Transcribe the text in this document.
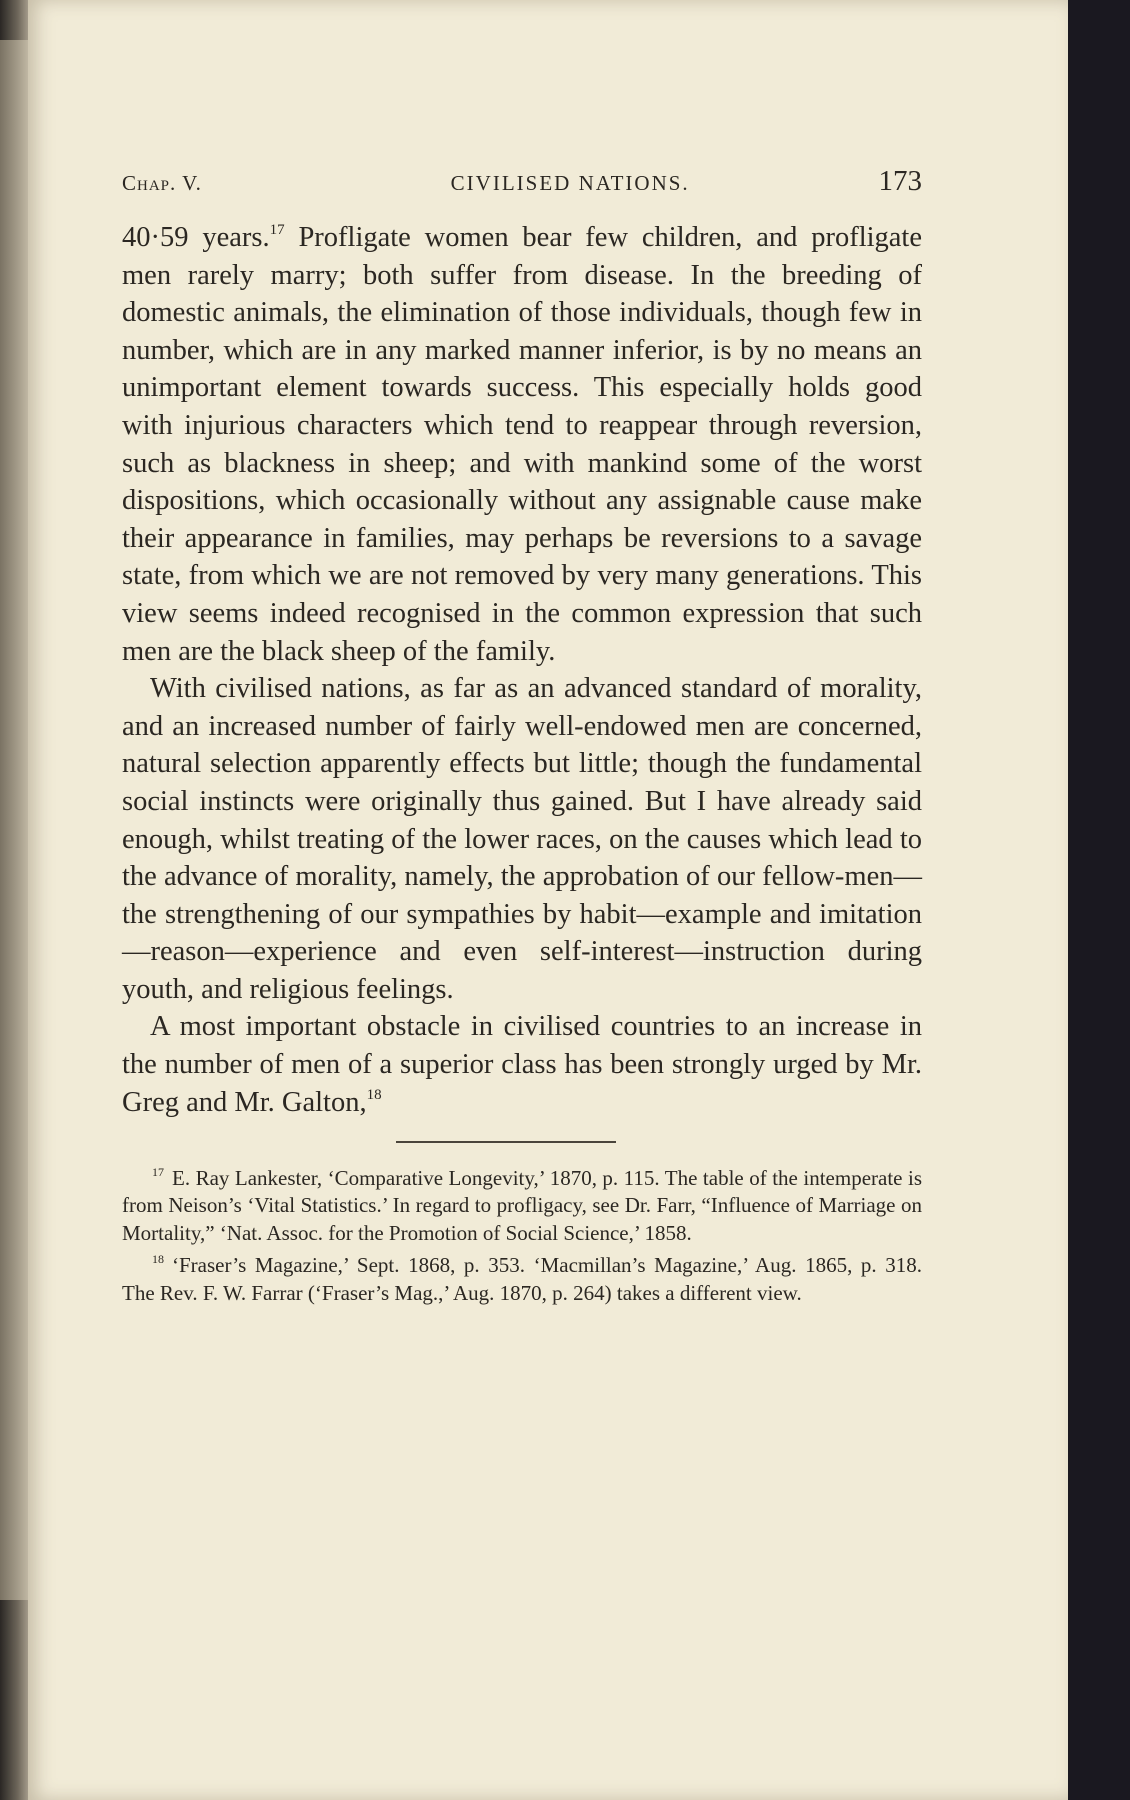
Chap. V.	CIVILISED NATIONS.	173

40·59 years.$^{17}$ Profligate women bear few children, and profligate men rarely marry; both suffer from disease. In the breeding of domestic animals, the elimination of those individuals, though few in number, which are in any marked manner inferior, is by no means an unimportant element towards success. This especially holds good with injurious characters which tend to reappear through reversion, such as blackness in sheep; and with mankind some of the worst dispositions, which occasionally without any assignable cause make their appearance in families, may perhaps be reversions to a savage state, from which we are not removed by very many generations. This view seems indeed recognised in the common expression that such men are the black sheep of the family.

With civilised nations, as far as an advanced standard of morality, and an increased number of fairly well-endowed men are concerned, natural selection apparently effects but little; though the fundamental social instincts were originally thus gained. But I have already said enough, whilst treating of the lower races, on the causes which lead to the advance of morality, namely, the approbation of our fellow-men—the strengthening of our sympathies by habit—example and imitation—reason—experience and even self-interest—instruction during youth, and religious feelings.

A most important obstacle in civilised countries to an increase in the number of men of a superior class has been strongly urged by Mr. Greg and Mr. Galton,$^{18}$

$^{17}$ E. Ray Lankester, ‘Comparative Longevity,’ 1870, p. 115. The table of the intemperate is from Neison’s ‘Vital Statistics.’ In regard to profligacy, see Dr. Farr, “Influence of Marriage on Mortality,” ‘Nat. Assoc. for the Promotion of Social Science,’ 1858.

$^{18}$ ‘Fraser’s Magazine,’ Sept. 1868, p. 353. ‘Macmillan’s Magazine,’ Aug. 1865, p. 318. The Rev. F. W. Farrar (‘Fraser’s Mag.,’ Aug. 1870, p. 264) takes a different view.
